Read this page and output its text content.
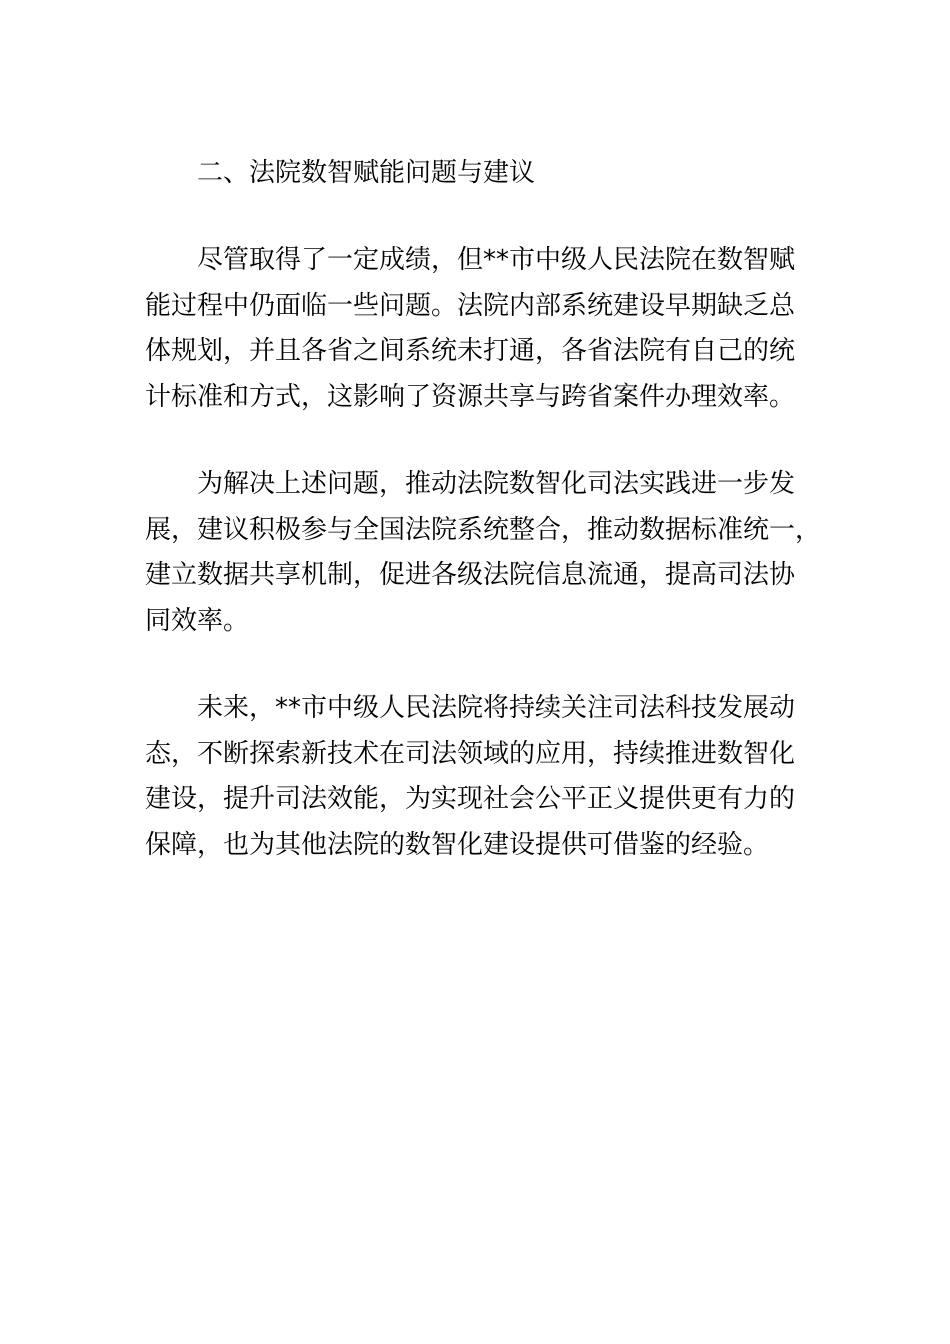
二、法院数智赋能问题与建议
尽管取得了一定成绩，但**市中级人民法院在数智赋
能过程中仍面临一些问题。法院内部系统建设早期缺乏总
体规划，并且各省之间系统未打通，各省法院有自己的统
计标准和方式，这影响了资源共享与跨省案件办理效率。
为解决上述问题，推动法院数智化司法实践进一步发
展，建议积极参与全国法院系统整合，推动数据标准统一，
建立数据共享机制，促进各级法院信息流通，提高司法协
同效率。
未来，**市中级人民法院将持续关注司法科技发展动
态，不断探索新技术在司法领域的应用，持续推进数智化
建设，提升司法效能，为实现社会公平正义提供更有力的
保障，也为其他法院的数智化建设提供可借鉴的经验。
